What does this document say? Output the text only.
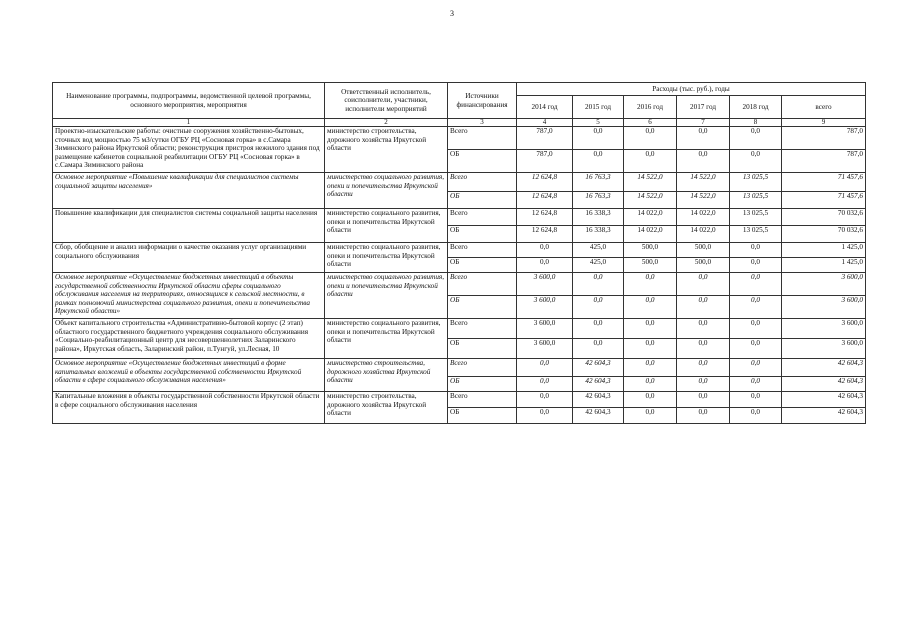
3
Наименование программы, подпрограммы, ведомственной целевой программы, основного мероприятия, мероприятия	Ответственный исполнитель, соисполнители, участники, исполнители мероприятий	Источники финансирования	Расходы (тыс. руб.), годы					
			2014 год	2015 год	2016 год	2017 год	2018 год	всего
1	2	3	4	5	6	7	8	9
Проектно-изыскательские работы: очистные сооружения хозяйственно-бытовых, сточных вод мощностью 75 м3/сутки ОГБУ РЦ «Сосновая горка» в с.Самара Зиминского района Иркутской области; реконструкция пристроя нежилого здания под размещение кабинетов социальной реабилитации ОГБУ РЦ «Сосновая горка» в с.Самара Зиминского района	министерство строительства, дорожного хозяйства Иркутской области	Всего	787,0	0,0	0,0	0,0	0,0	787,0
		ОБ	787,0	0,0	0,0	0,0	0,0	787,0
Основное мероприятие «Повышение квалификации для специалистов системы социальной защиты населения»	министерство социального развития, опеки и попечительства Иркутской области	Всего	12 624,8	16 763,3	14 522,0	14 522,0	13 025,5	71 457,6
		ОБ	12 624,8	16 763,3	14 522,0	14 522,0	13 025,5	71 457,6
Повышение квалификации для специалистов системы социальной защиты населения	министерство социального развития, опеки и попечительства Иркутской области	Всего	12 624,8	16 338,3	14 022,0	14 022,0	13 025,5	70 032,6
		ОБ	12 624,8	16 338,3	14 022,0	14 022,0	13 025,5	70 032,6
Сбор, обобщение и анализ информации о качестве оказания услуг организациями социального обслуживания	министерство социального развития, опеки и попечительства Иркутской области	Всего	0,0	425,0	500,0	500,0	0,0	1 425,0
		ОБ	0,0	425,0	500,0	500,0	0,0	1 425,0
Основное мероприятие «Осуществление бюджетных инвестиций в объекты государственной собственности Иркутской области сферы социального обслуживания населения на территориях, относящихся к сельской местности, в рамках полномочий министерства социального развития, опеки и попечительства Иркутской области»	министерство социального развития, опеки и попечительства Иркутской области	Всего	3 600,0	0,0	0,0	0,0	0,0	3 600,0
		ОБ	3 600,0	0,0	0,0	0,0	0,0	3 600,0
Объект капитального строительства «Административно-бытовой корпус (2 этап) областного государственного бюджетного учреждения социального обслуживания «Социально-реабилитационный центр для несовершеннолетних Заларинского района», Иркутская область, Заларинский район, п.Тунгуй, ул.Лесная, 10	министерство социального развития, опеки и попечительства Иркутской области	Всего	3 600,0	0,0	0,0	0,0	0,0	3 600,0
		ОБ	3 600,0	0,0	0,0	0,0	0,0	3 600,0
Основное мероприятие «Осуществление бюджетных инвестиций в форме капитальных вложений в объекты государственной собственности Иркутской области в сфере социального обслуживания населения»	министерство строительства, дорожного хозяйства Иркутской области	Всего	0,0	42 604,3	0,0	0,0	0,0	42 604,3
		ОБ	0,0	42 604,3	0,0	0,0	0,0	42 604,3
Капитальные вложения в объекты государственной собственности Иркутской области в сфере социального обслуживания населения	министерство строительства, дорожного хозяйства Иркутской области	Всего	0,0	42 604,3	0,0	0,0	0,0	42 604,3
		ОБ	0,0	42 604,3	0,0	0,0	0,0	42 604,3
